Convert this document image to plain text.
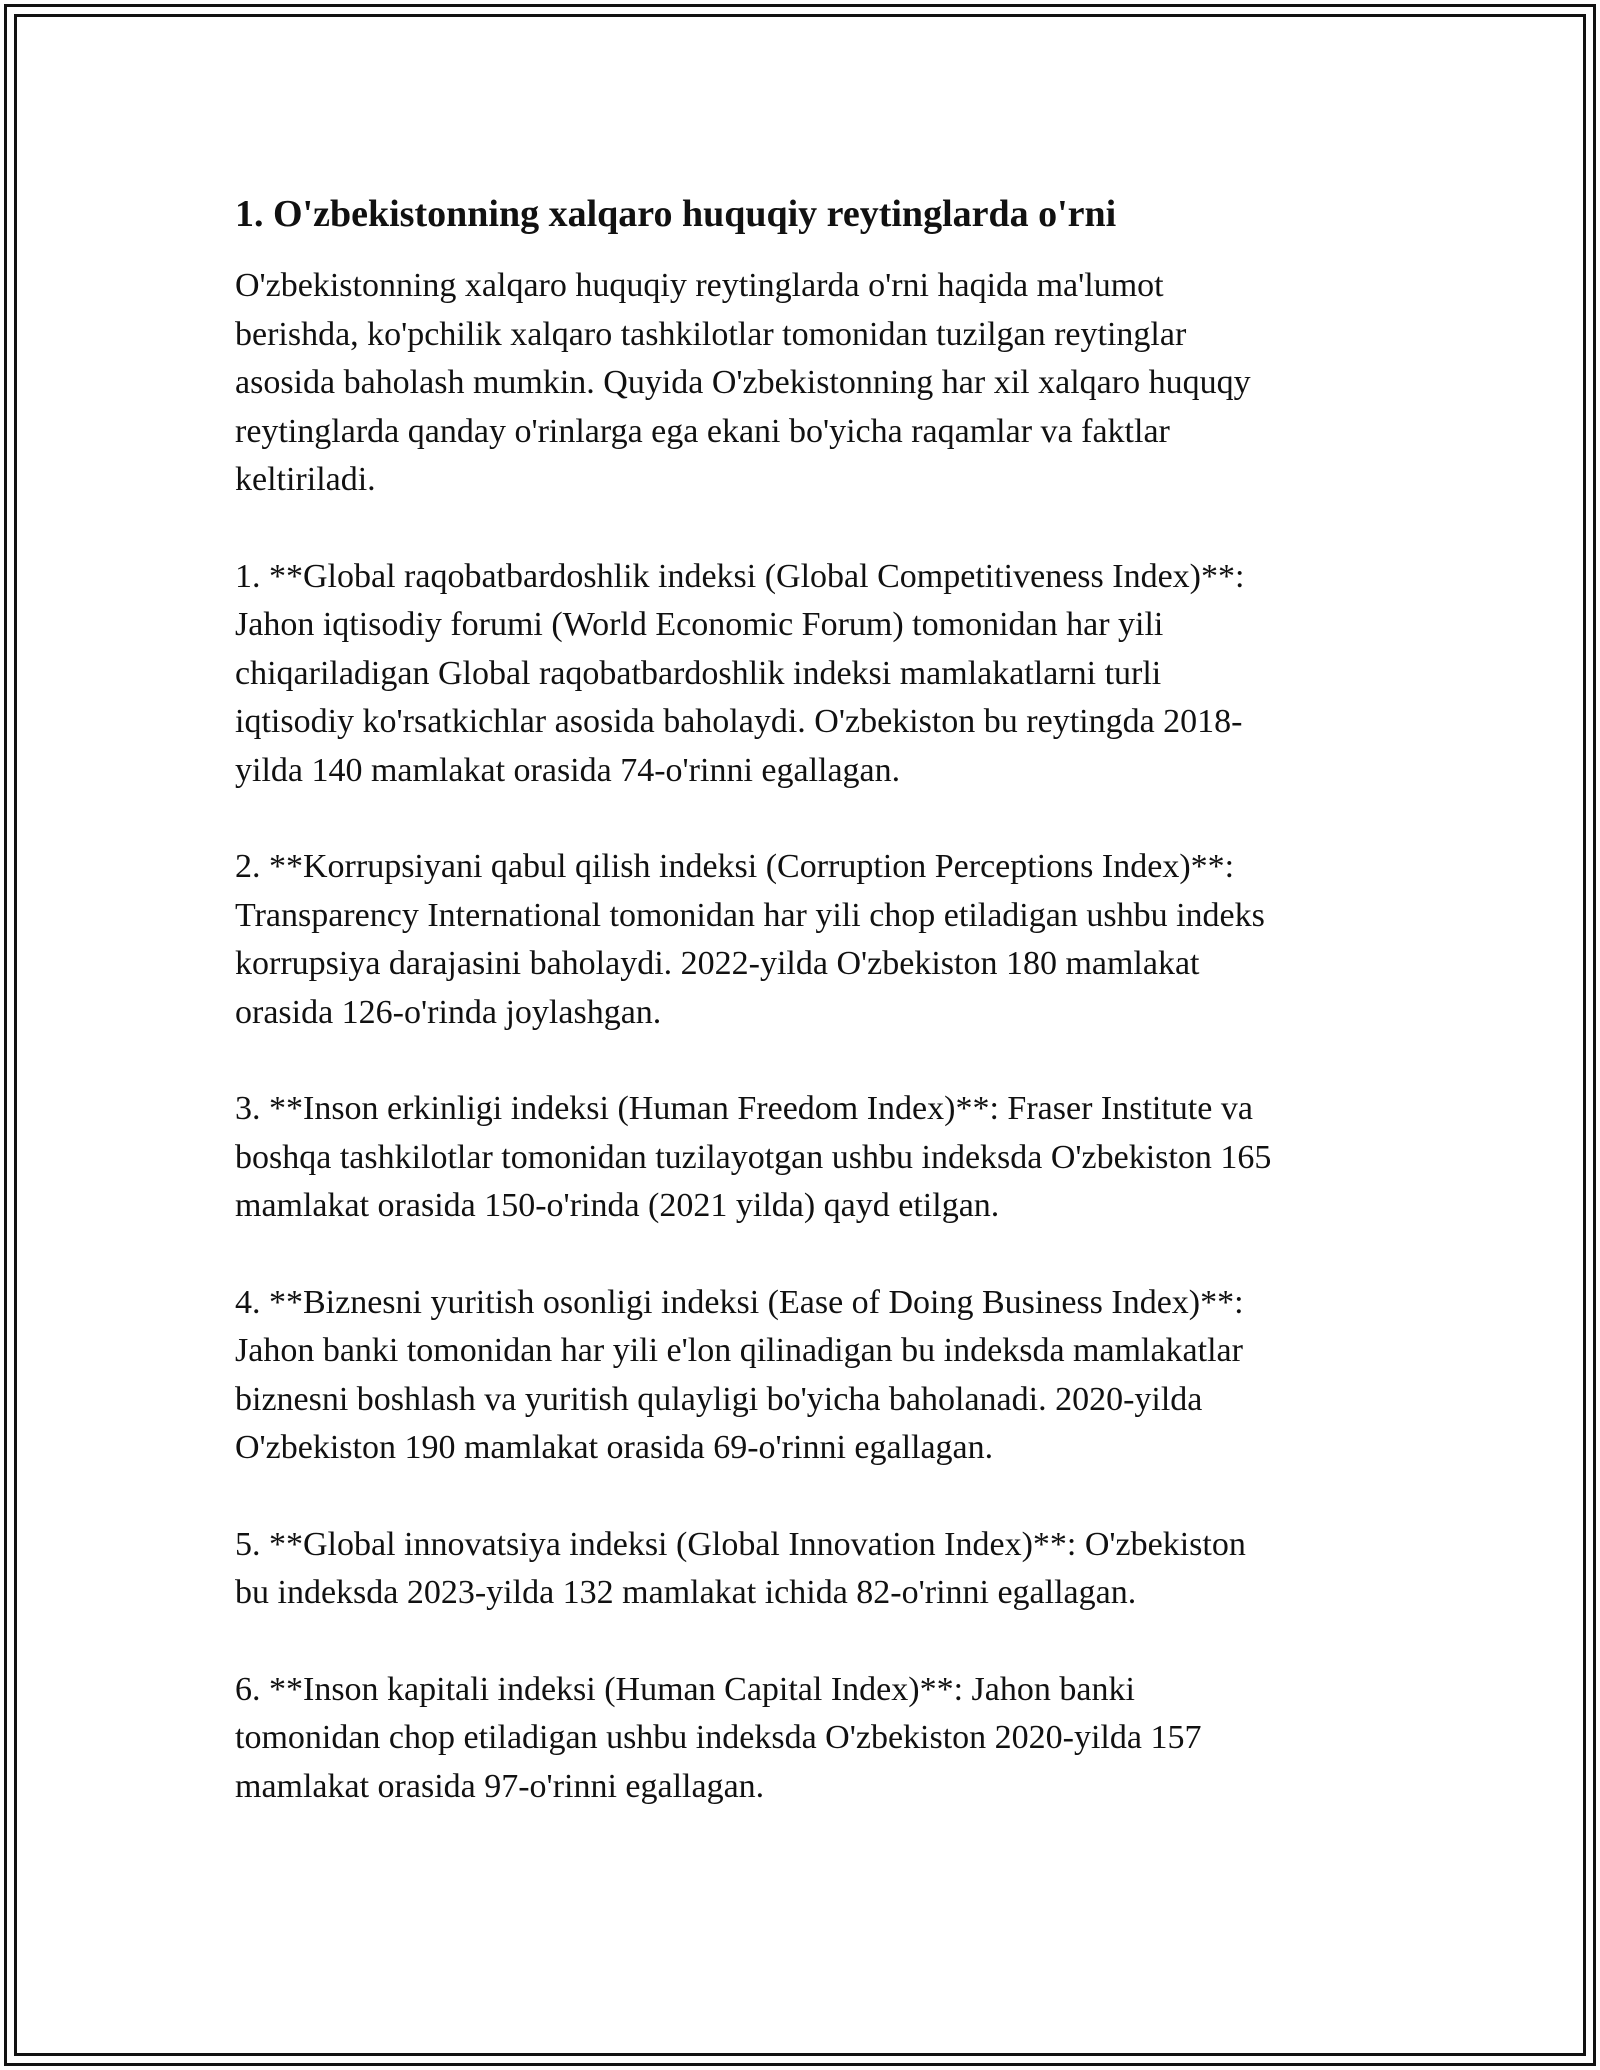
1. O'zbekistonning xalqaro huquqiy reytinglarda o'rni

O'zbekistonning xalqaro huquqiy reytinglarda o'rni haqida ma'lumot
berishda, ko'pchilik xalqaro tashkilotlar tomonidan tuzilgan reytinglar
asosida baholash mumkin. Quyida O'zbekistonning har xil xalqaro huquqy
reytinglarda qanday o'rinlarga ega ekani bo'yicha raqamlar va faktlar
keltiriladi.

1. **Global raqobatbardoshlik indeksi (Global Competitiveness Index)**:
Jahon iqtisodiy forumi (World Economic Forum) tomonidan har yili
chiqariladigan Global raqobatbardoshlik indeksi mamlakatlarni turli
iqtisodiy ko'rsatkichlar asosida baholaydi. O'zbekiston bu reytingda 2018-
yilda 140 mamlakat orasida 74-o'rinni egallagan.

2. **Korrupsiyani qabul qilish indeksi (Corruption Perceptions Index)**:
Transparency International tomonidan har yili chop etiladigan ushbu indeks
korrupsiya darajasini baholaydi. 2022-yilda O'zbekiston 180 mamlakat
orasida 126-o'rinda joylashgan.

3. **Inson erkinligi indeksi (Human Freedom Index)**: Fraser Institute va
boshqa tashkilotlar tomonidan tuzilayotgan ushbu indeksda O'zbekiston 165
mamlakat orasida 150-o'rinda (2021 yilda) qayd etilgan.

4. **Biznesni yuritish osonligi indeksi (Ease of Doing Business Index)**:
Jahon banki tomonidan har yili e'lon qilinadigan bu indeksda mamlakatlar
biznesni boshlash va yuritish qulayligi bo'yicha baholanadi. 2020-yilda
O'zbekiston 190 mamlakat orasida 69-o'rinni egallagan.

5. **Global innovatsiya indeksi (Global Innovation Index)**: O'zbekiston
bu indeksda 2023-yilda 132 mamlakat ichida 82-o'rinni egallagan.

6. **Inson kapitali indeksi (Human Capital Index)**: Jahon banki
tomonidan chop etiladigan ushbu indeksda O'zbekiston 2020-yilda 157
mamlakat orasida 97-o'rinni egallagan.
